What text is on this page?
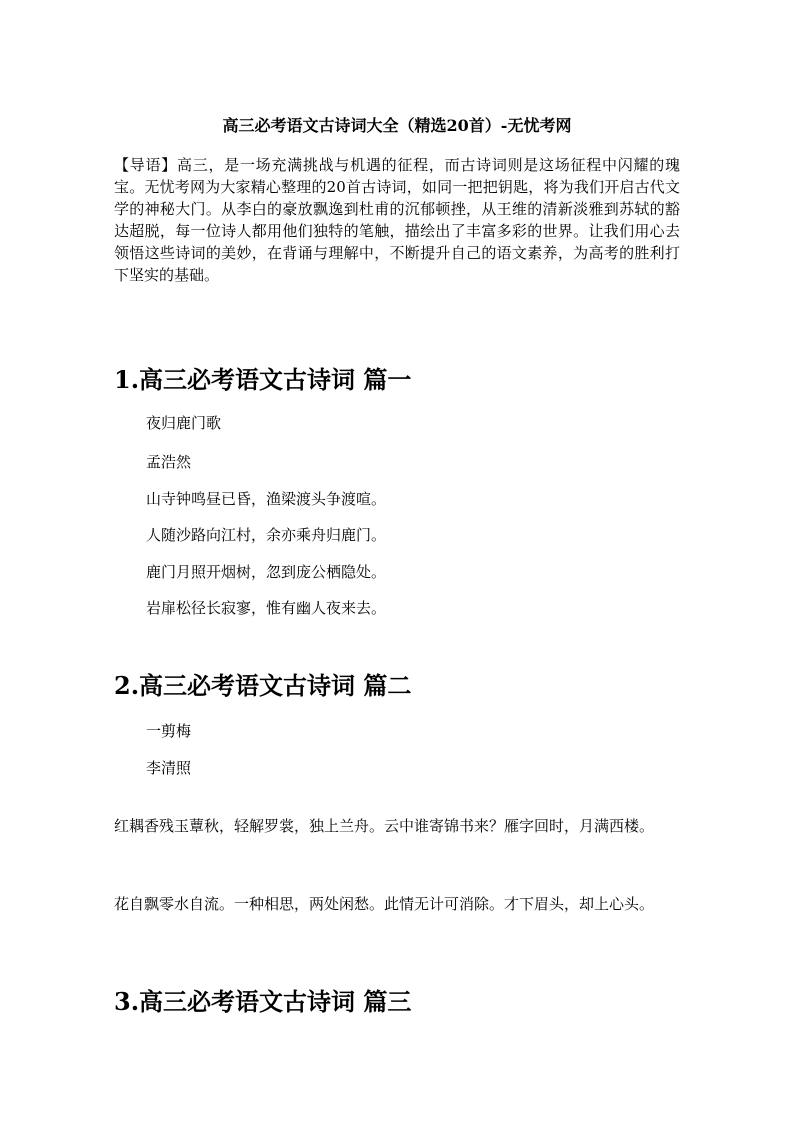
高三必考语文古诗词大全（精选20首）-无忧考网
【导语】高三，是一场充满挑战与机遇的征程，而古诗词则是这场征程中闪耀的瑰宝。无忧考网为大家精心整理的20首古诗词，如同一把把钥匙，将为我们开启古代文学的神秘大门。从李白的豪放飘逸到杜甫的沉郁顿挫，从王维的清新淡雅到苏轼的豁达超脱，每一位诗人都用他们独特的笔触，描绘出了丰富多彩的世界。让我们用心去领悟这些诗词的美妙，在背诵与理解中，不断提升自己的语文素养，为高考的胜利打下坚实的基础。
1.高三必考语文古诗词 篇一
夜归鹿门歌
孟浩然
山寺钟鸣昼已昏，渔梁渡头争渡喧。
人随沙路向江村，余亦乘舟归鹿门。
鹿门月照开烟树，忽到庞公栖隐处。
岩扉松径长寂寥，惟有幽人夜来去。
2.高三必考语文古诗词 篇二
一剪梅
李清照
红耦香残玉蕈秋，轻解罗裳，独上兰舟。云中谁寄锦书来？雁字回时，月满西楼。
花自飘零水自流。一种相思，两处闲愁。此情无计可消除。才下眉头，却上心头。
3.高三必考语文古诗词 篇三
